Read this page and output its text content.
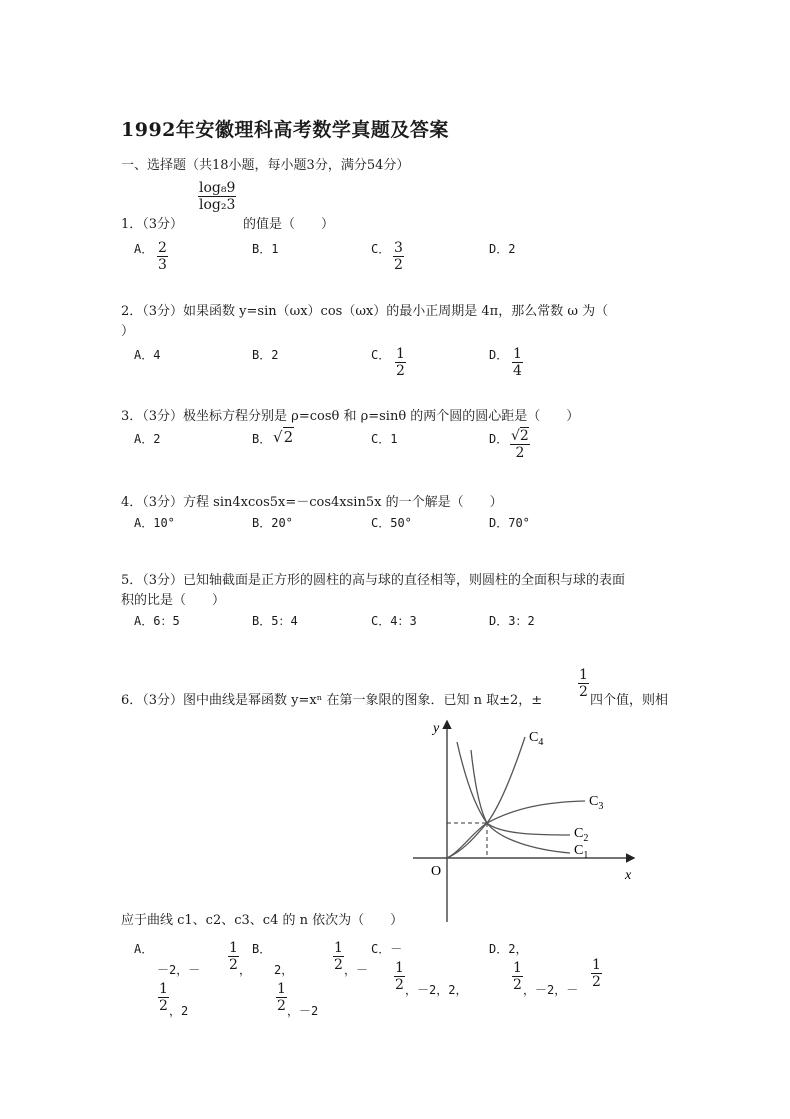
1992年安徽理科高考数学真题及答案
一、选择题（共18小题，每小题3分，满分54分）
log₈9
log₂3
1．（3分）	的值是（　　）
A． 2
3
B．1	C． 3
2
D．2
2．（3分）如果函数 y=sin（ωx）cos（ωx）的最小正周期是 4π，那么常数 ω 为（
）
A．4	B．2	C． 1
2
D． 1
4
3．（3分）极坐标方程分别是 ρ=cosθ 和 ρ=sinθ 的两个圆的圆心距是（　　）
A．2	B． √2	C．1	D． √2
2
4．（3分）方程 sin4xcos5x=－cos4xsin5x 的一个解是（　　）
A．10°	B．20°	C．50°	D．70°
5．（3分）已知轴截面是正方形的圆柱的高与球的直径相等，则圆柱的全面积与球的表面
积的比是（　　）
A．6：5	B．5：4	C．4：3	D．3：2
6．（3分）图中曲线是幂函数 y=xⁿ 在第一象限的图象．已知 n 取±2，±
1
2
四个值，则相
y
x
O
$C_4$
$C_3$
$C_2$
$C_1$
应于曲线 c1、c2、c3、c4 的 n 依次为（　　）
A．
－2，－
1
2 ，
1
2 ，2
B．
2，
1
2 ，－
1
2 ，－2
C．－
1
2 ，－2，2，
D．2，
1
2 ，－2，－
1
2
